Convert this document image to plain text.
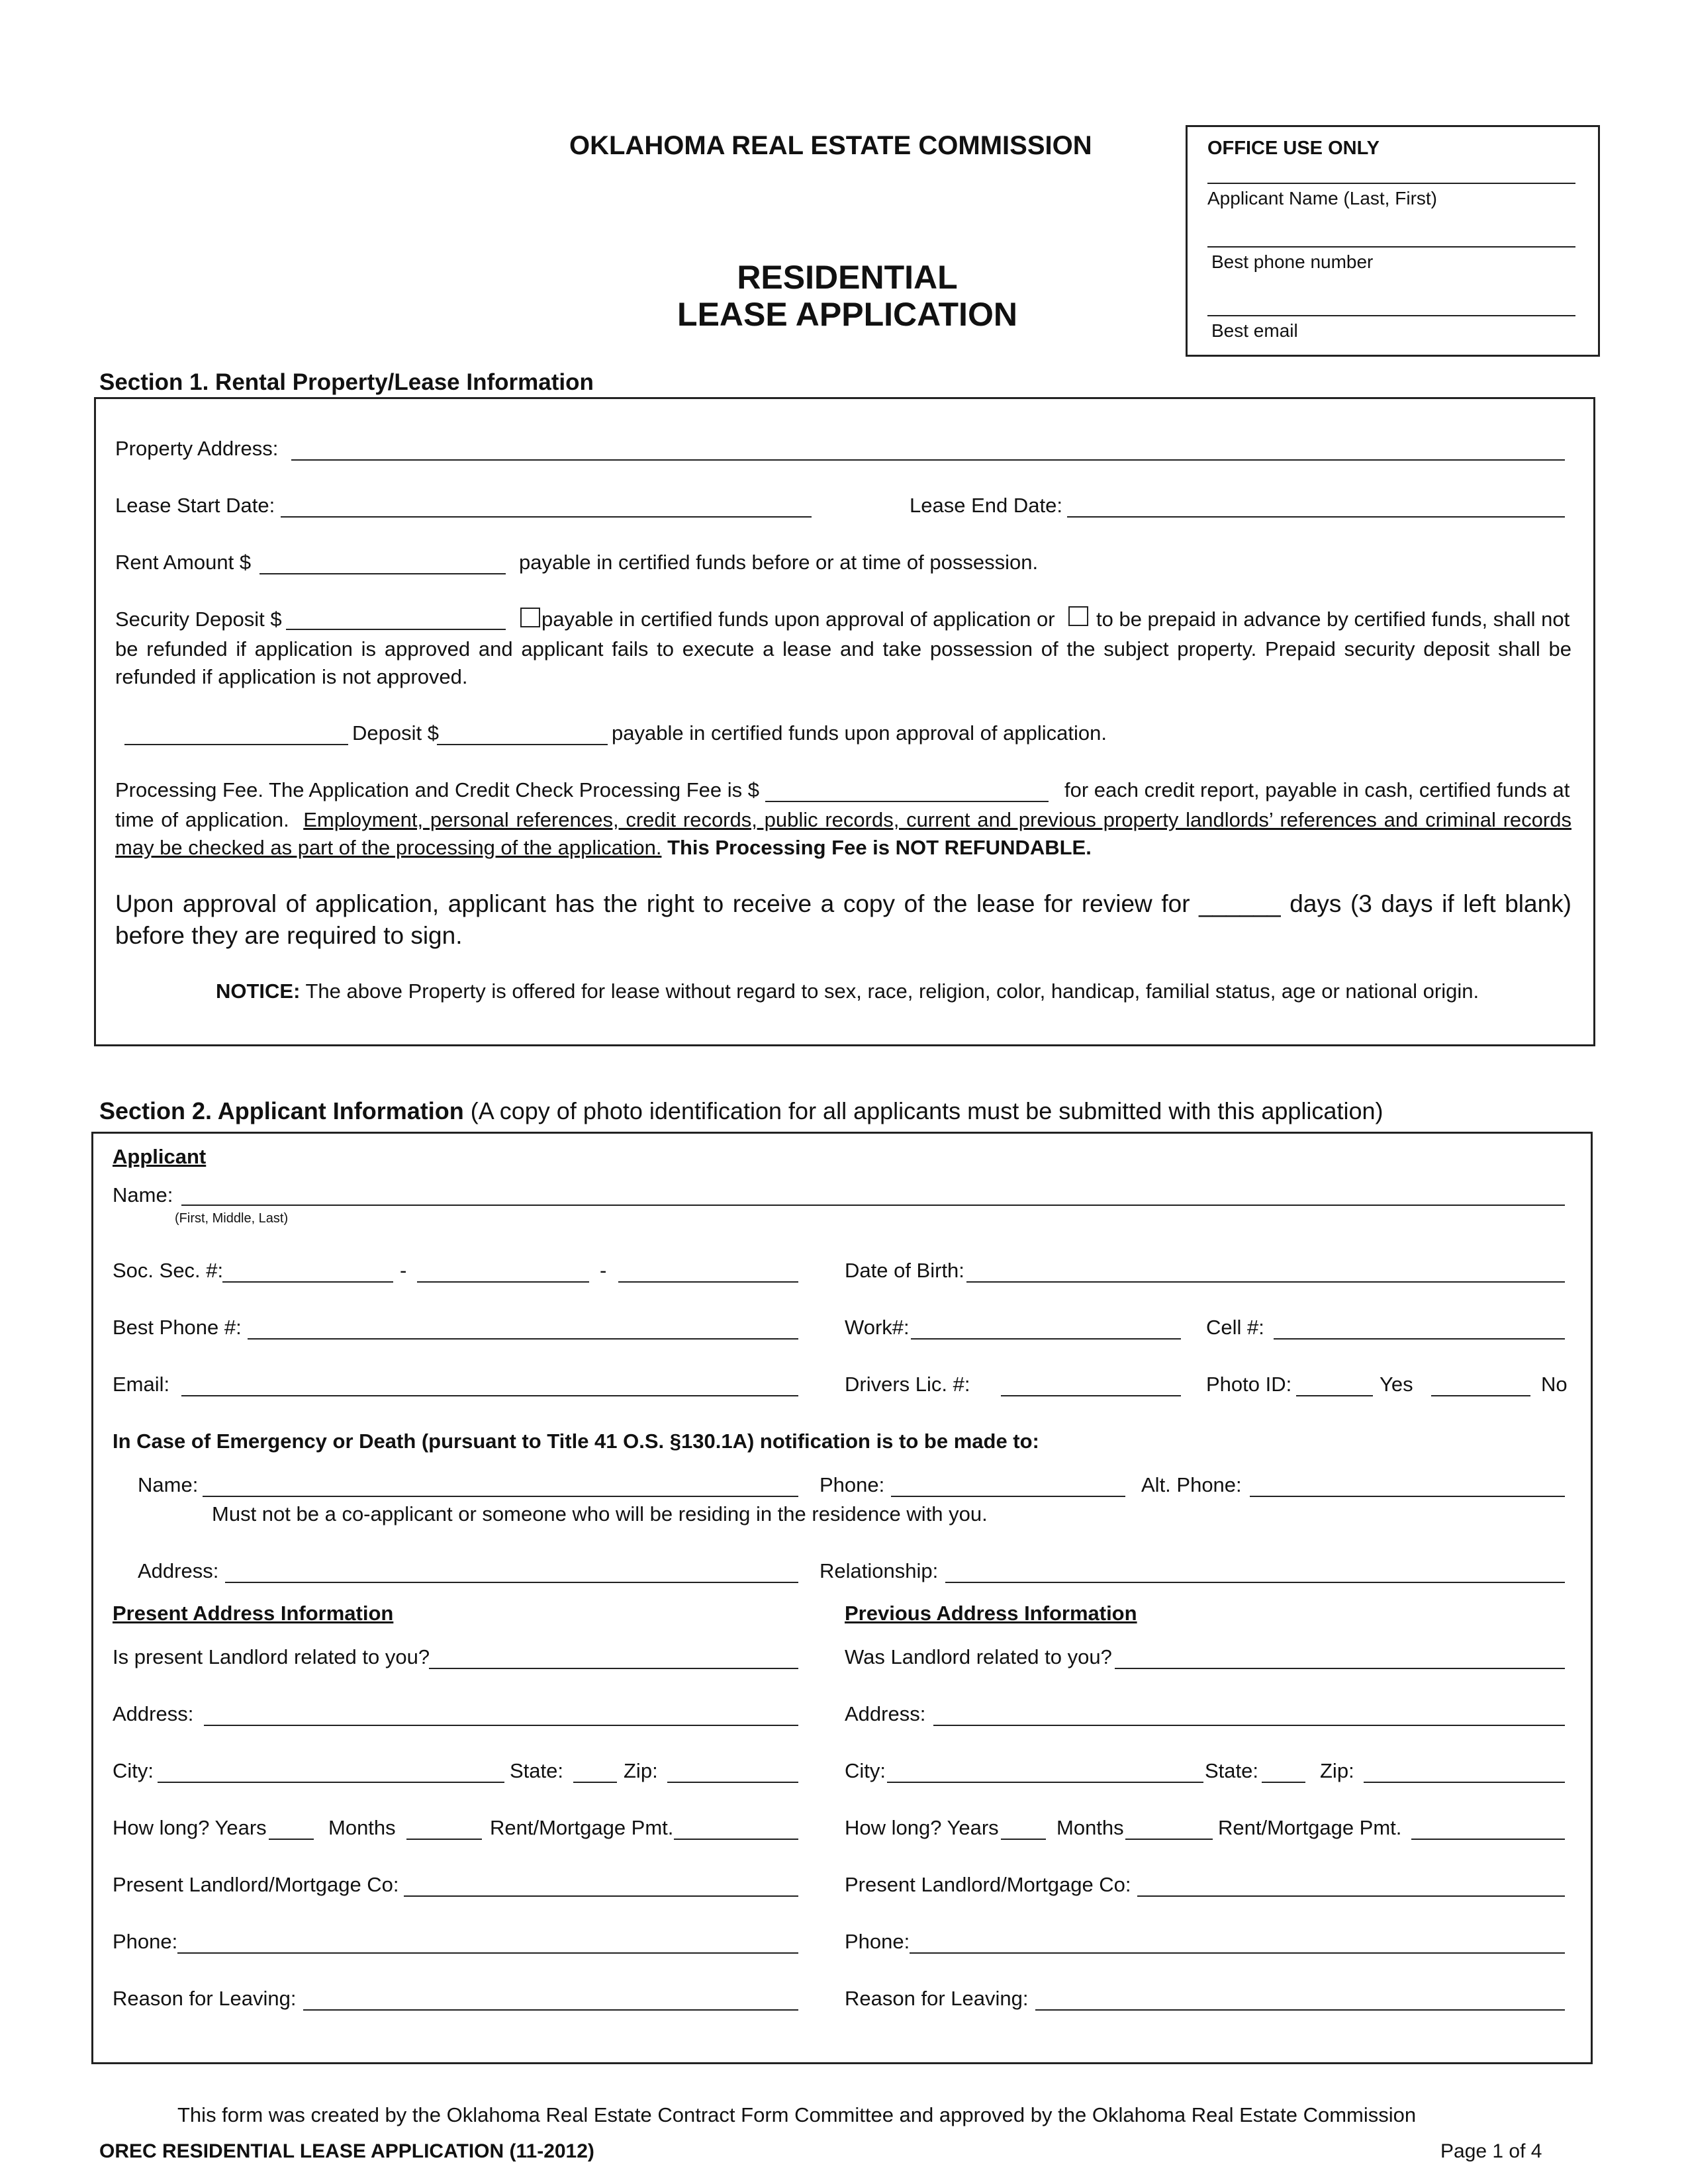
OKLAHOMA REAL ESTATE COMMISSION
RESIDENTIAL
LEASE APPLICATION
OFFICE USE ONLY
Applicant Name (Last, First)
Best phone number
Best email
Section 1. Rental Property/Lease Information
Property Address:
Lease Start Date:	Lease End Date:
Rent Amount $	payable in certified funds before or at time of possession.
Security Deposit $	payable in certified funds upon approval of application or to be prepaid in advance by certified funds, shall not
be refunded if application is approved and applicant fails to execute a lease and take possession of the subject property. Prepaid security deposit shall be refunded if application is not approved.
Deposit $	payable in certified funds upon approval of application.
Processing Fee. The Application and Credit Check Processing Fee is $	for each credit report, payable in cash, certified funds at
time of application. Employment, personal references, credit records, public records, current and previous property landlords’ references and criminal records may be checked as part of the processing of the application. This Processing Fee is NOT REFUNDABLE.
Upon approval of application, applicant has the right to receive a copy of the lease for review for ______ days (3 days if left blank) before they are required to sign.
NOTICE: The above Property is offered for lease without regard to sex, race, religion, color, handicap, familial status, age or national origin.
Section 2. Applicant Information (A copy of photo identification for all applicants must be submitted with this application)
Applicant
Name:
(First, Middle, Last)
Soc. Sec. #:	-	-	Date of Birth:
Best Phone #:	Work#:	Cell #:
Email:	Drivers Lic. #:	Photo ID:	Yes	No
In Case of Emergency or Death (pursuant to Title 41 O.S. §130.1A) notification is to be made to:
Name:	Phone:	Alt. Phone:
Must not be a co-applicant or someone who will be residing in the residence with you.
Address:	Relationship:
Present Address Information
Is present Landlord related to you?
Address:
City:	State:	Zip:
How long? Years	Months	Rent/Mortgage Pmt.
Present Landlord/Mortgage Co:
Phone:
Reason for Leaving:
Previous Address Information
Was Landlord related to you?
Address:
City:	State:	Zip:
How long? Years	Months	Rent/Mortgage Pmt.
Present Landlord/Mortgage Co:
Phone:
Reason for Leaving:
This form was created by the Oklahoma Real Estate Contract Form Committee and approved by the Oklahoma Real Estate Commission
OREC RESIDENTIAL LEASE APPLICATION (11-2012)	Page 1 of 4
